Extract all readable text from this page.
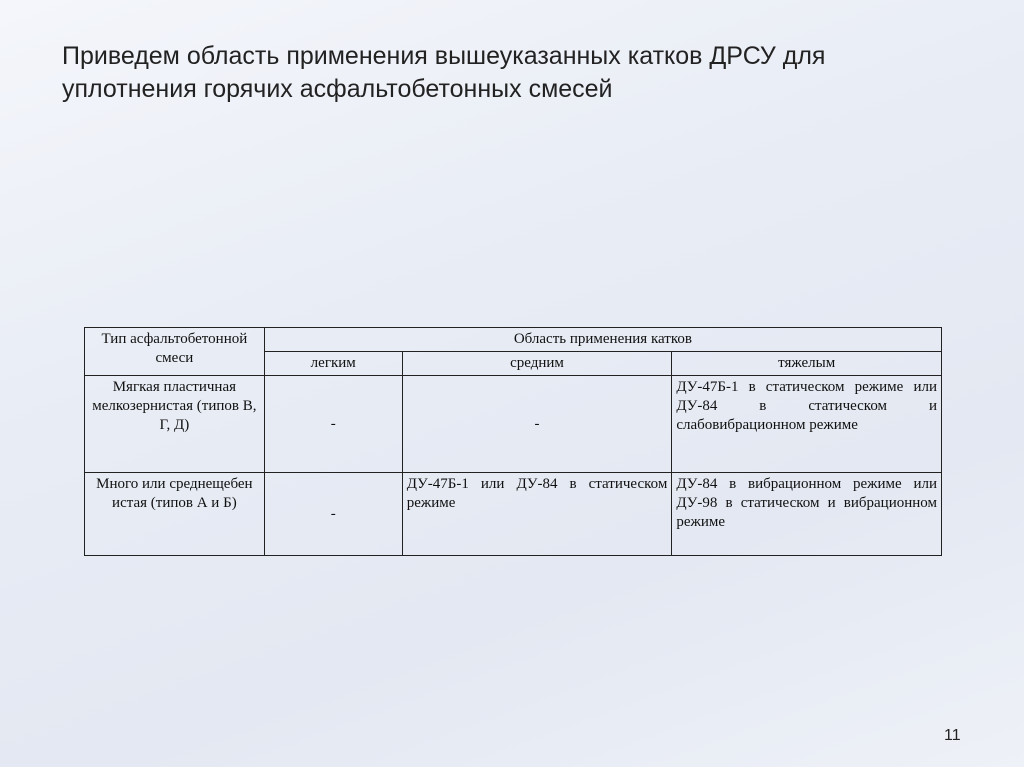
Приведем область применения вышеуказанных катков ДРСУ для
уплотнения горячих асфальтобетонных смесей
Тип асфальтобетонной смеси	Область применения катков		
	легким	средним	тяжелым
Мягкая пластичная мелкозернистая (типов В, Г, Д)	-	-	ДУ-47Б-1 в статическом режиме или ДУ-84 в статическом и слабовибрационном режиме
Много или среднещебен истая (типов А и Б)	-	ДУ-47Б-1 или ДУ-84 в статическом режиме	ДУ-84 в вибрационном режиме или ДУ-98 в статическом и вибрационном режиме
11
